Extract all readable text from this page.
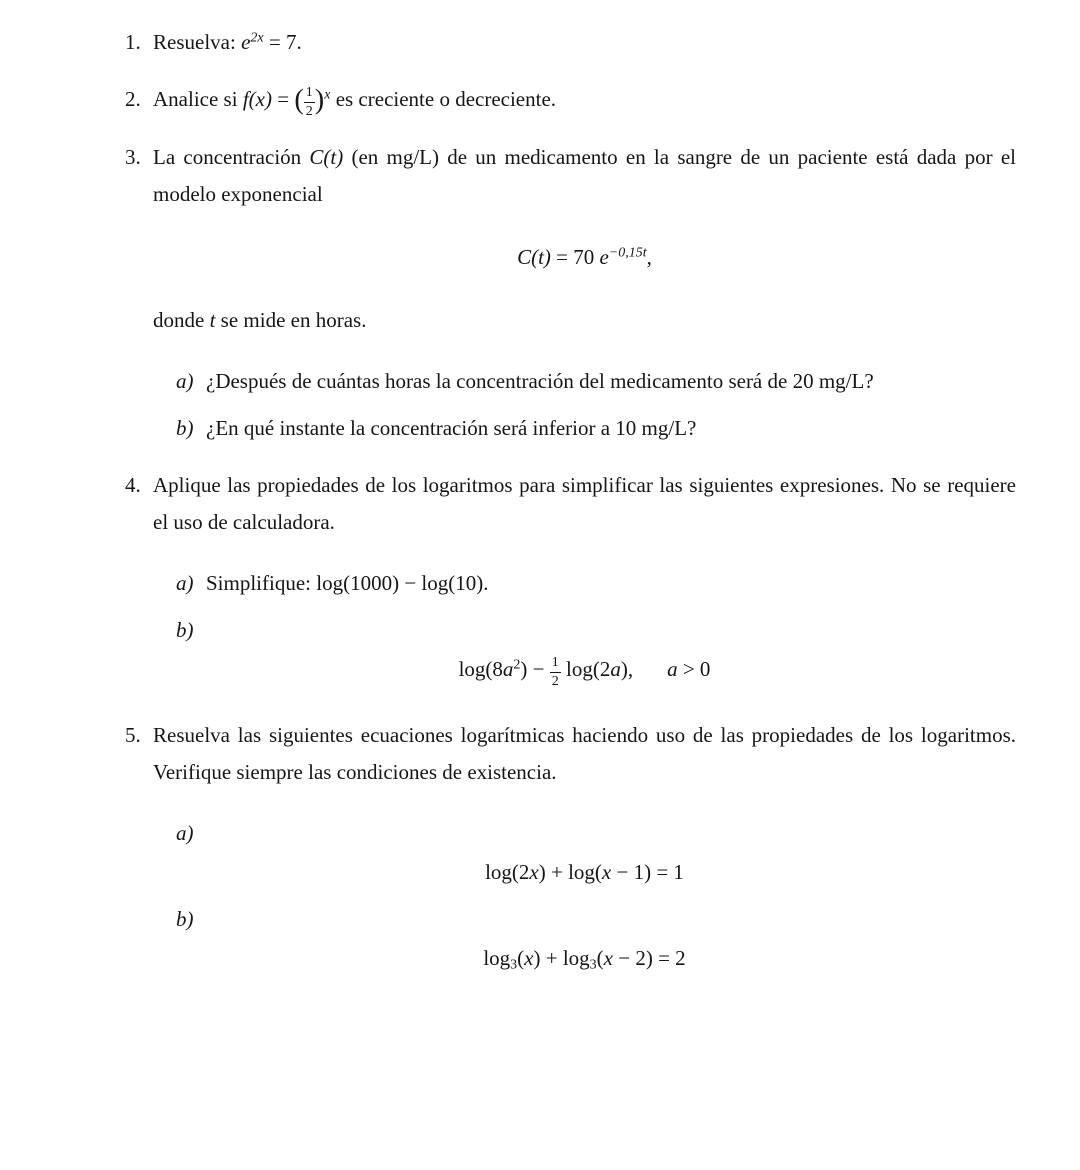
1. Resuelva: $e^{2x} = 7$.

2. Analice si f(x) = ( $\frac{1}{2} )^x$ es creciente o decreciente.

3. La concentración C(t) (en mg/L) de un medicamento en la sangre de un paciente está dada por el modelo exponencial

C(t) = 70 $e^{-0,15t}$,

donde t se mide en horas.

a) ¿Después de cuántas horas la concentración del medicamento será de 20 mg/L?
b) ¿En qué instante la concentración será inferior a 10 mg/L?
4. Aplique las propiedades de los logaritmos para simplificar las siguientes expresiones. No se requiere el uso de calculadora.

a) Simplifique: log(1000) − log(10).
b)
$\log(8a^2) - \frac{1}{2} \log(2a)$, a > 0
5. Resuelva las siguientes ecuaciones logarítmicas haciendo uso de las propiedades de los logaritmos. Verifique siempre las condiciones de existencia.

a)
log(2x) + log(x − 1) = 1
b)
$\log_3(x) + \log_3(x - 2) = 2$
